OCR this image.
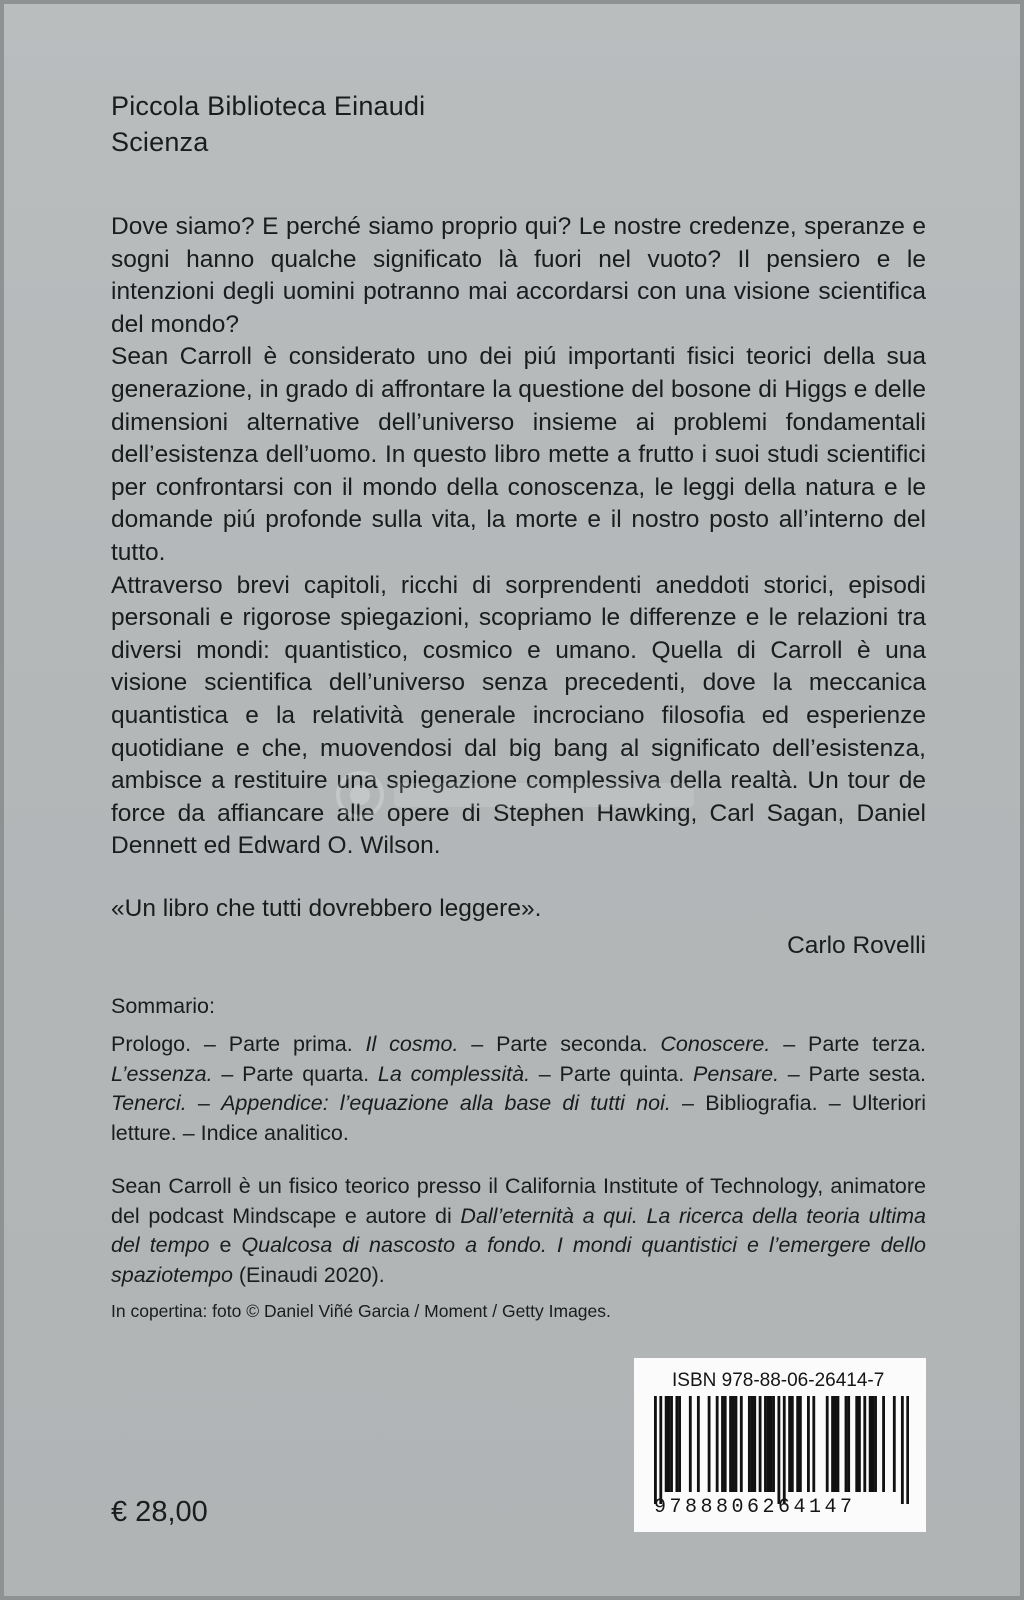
Piccola Biblioteca Einaudi
Scienza

Dove siamo? E perché siamo proprio qui? Le nostre credenze, speranze e sogni hanno qualche significato là fuori nel vuoto? Il pensiero e le intenzioni degli uomini potranno mai accordarsi con una visione scientifica del mondo?

Sean Carroll è considerato uno dei piú importanti fisici teorici della sua generazione, in grado di affrontare la questione del bosone di Higgs e delle dimensioni alternative dell’universo insieme ai problemi fondamentali dell’esistenza dell’uomo. In questo libro mette a frutto i suoi studi scientifici per confrontarsi con il mondo della conoscenza, le leggi della natura e le domande piú profonde sulla vita, la morte e il nostro posto all’interno del tutto.

Attraverso brevi capitoli, ricchi di sorprendenti aneddoti storici, episodi personali e rigorose spiegazioni, scopriamo le differenze e le relazioni tra diversi mondi: quantistico, cosmico e umano. Quella di Carroll è una visione scientifica dell’universo senza precedenti, dove la meccanica quantistica e la relatività generale incrociano filosofia ed esperienze quotidiane e che, muovendosi dal big bang al significato dell’esistenza, ambisce a restituire una spiegazione complessiva della realtà. Un tour de force da affiancare alle opere di Stephen Hawking, Carl Sagan, Daniel Dennett ed Edward O. Wilson.

«Un libro che tutti dovrebbero leggere».
Carlo Rovelli
Sommario:
Prologo. – Parte prima. Il cosmo. – Parte seconda. Conoscere. – Parte terza. L’essenza. – Parte quarta. La complessità. – Parte quinta. Pensare. – Parte sesta. Tenerci. – Appendice: l’equazione alla base di tutti noi. – Bibliografia. – Ulteriori letture. – Indice analitico.
Sean Carroll è un fisico teorico presso il California Institute of Technology, animatore del podcast Mindscape e autore di Dall’eternità a qui. La ricerca della teoria ultima del tempo e Qualcosa di nascosto a fondo. I mondi quantistici e l’emergere dello spaziotempo (Einaudi 2020).
In copertina: foto © Daniel Viñé Garcia / Moment / Getty Images.
€ 28,00
ISBN 978-88-06-26414-7
9788806264147
